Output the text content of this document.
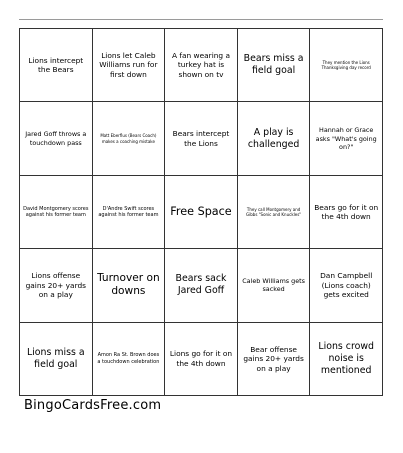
Lions intercept the Bears
Lions let Caleb Williams run for first down
A fan wearing a turkey hat is shown on tv
Bears miss a field goal
They mention the Lions Thanksgiving day record
Jared Goff throws a touchdown pass
Matt Eberflus (Bears Coach) makes a coaching mistake
Bears intercept the Lions
A play is challenged
Hannah or Grace asks "What's going on?"
David Montgomery scores against his former team
D'Andre Swift scores against his former team Free Space	They call Montgomery and Gibbs "Sonic and Knuckles"
Bears go for it on the 4th down
Lions offense gains 20+ yards on a play
Turnover on downs
Bears sack Jared Goff
Caleb Williams gets sacked
Dan Campbell (Lions coach) gets excited
Lions miss a field goal
Amon Ra St. Brown does a touchdown celebration
Lions go for it on the 4th down
Bear offense gains 20+ yards on a play
Lions crowd noise is mentioned
BingoCardsFree.com
